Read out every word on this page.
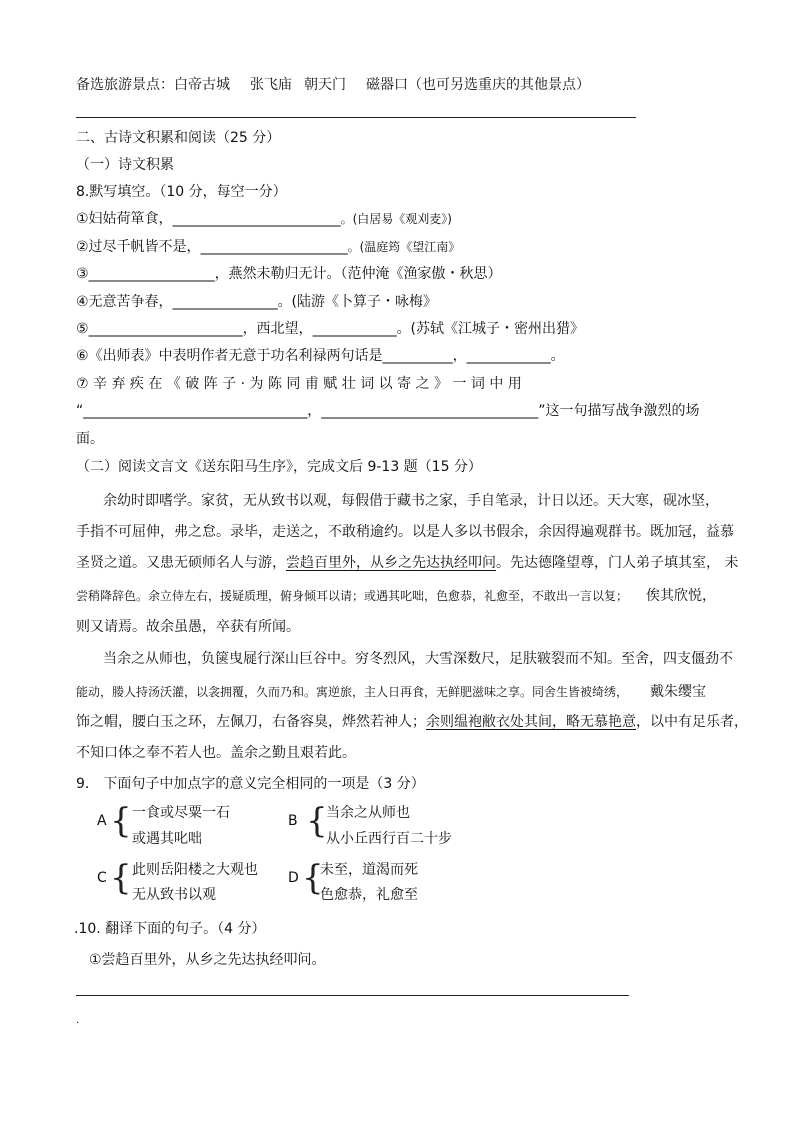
备选旅游景点：白帝古城 张飞庙 朝天门 磁器口（也可另选重庆的其他景点）
二、古诗文积累和阅读（25 分）
（一）诗文积累
8.默写填空。（10 分，每空一分）
①妇姑荷箪食，________________________。(白居易《观刈麦》)
②过尽千帆皆不是，_____________________。(温庭筠《望江南》
③__________________，燕然未勒归无计。（范仲淹《渔家傲・秋思）
④无意苦争春，_______________。(陆游《卜算子・咏梅》
⑤______________________，西北望，____________。(苏轼《江城子・密州出猎》
⑥《出师表》中表明作者无意于功名利禄两句话是__________，____________。
⑦ 辛 弃 疾 在 《 破 阵 子 · 为 陈 同 甫 赋 壮 词 以 寄 之 》 一 词 中 用
“________________________________，_______________________________”这一句描写战争激烈的场
面。
（二）阅读文言文《送东阳马生序》，完成文后 9-13 题（15 分）
余幼时即嗜学。家贫，无从致书以观，每假借于藏书之家，手自笔录，计日以还。天大寒，砚冰坚，
手指不可屈伸，弗之怠。录毕，走送之，不敢稍逾约。以是人多以书假余，余因得遍观群书。既加冠，益慕
圣贤之道。又患无硕师名人与游，尝趋百里外，从乡之先达执经叩问。先达德隆望尊，门人弟子填其室， 未
尝稍降辞色。余立侍左右，援疑质理，俯身倾耳以请；或遇其叱咄，色愈恭，礼愈至，不敢出一言以复； 俟其欣悦，
则又请焉。故余虽愚，卒获有所闻。
当余之从师也，负箧曳屣行深山巨谷中。穷冬烈风，大雪深数尺，足肤皲裂而不知。至舍，四支僵劲不
能动，媵人持汤沃灌，以衾拥覆，久而乃和。寓逆旅，主人日再食，无鲜肥滋味之享。同舍生皆被绮绣， 戴朱缨宝
饰之帽，腰白玉之环，左佩刀，右备容臭，烨然若神人；余则缊袍敝衣处其间，略无慕艳意，以中有足乐者，
不知口体之奉不若人也。盖余之勤且艰若此。
9． 下面句子中加点字的意义完全相同的一项是（3 分）
A { 一食或尽粟一石
或遇其叱咄
B {
当余之从师也
从小丘西行百二十步
C { 此则岳阳楼之大观也
无从致书以观
D {
未至，道渴而死
色愈恭，礼愈至
.10. 翻译下面的句子。（4 分）
①尝趋百里外，从乡之先达执经叩问。
.
